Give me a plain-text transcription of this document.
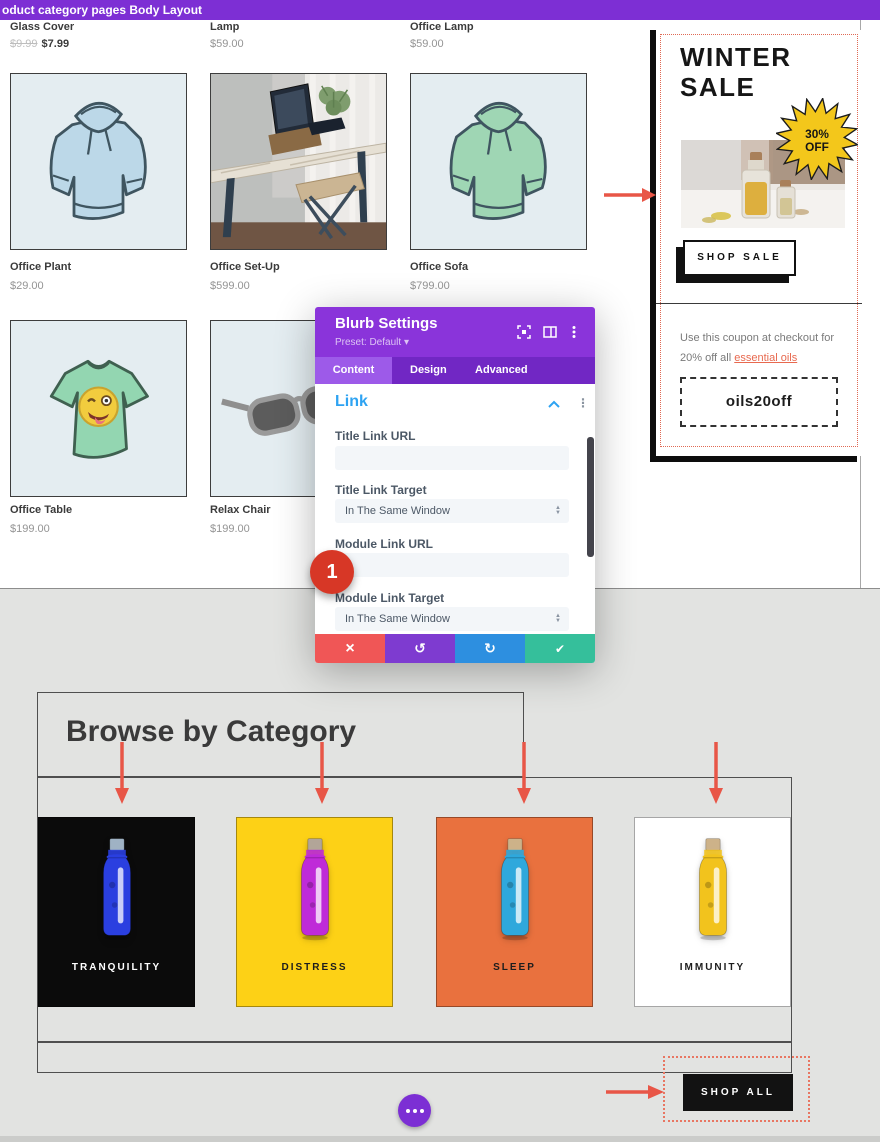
Glass Cover
$9.99 $7.99
Lamp
$59.00
Office Lamp
$59.00
Office Plant
$29.00
Office Set-Up
$599.00
Office Sofa
$799.00
Office Table
$199.00
Relax Chair
$199.00
WINTER
SALE
30%
OFF
SHOP SALE
Use this coupon at checkout for
20% off all essential oils
oils20off
Blurb Settings
Preset: Default ▾
Content	Design	Advanced
Link	⋮
Title Link URL
Title Link Target
In The Same Window	▲
▼
Module Link URL
Module Link Target
In The Same Window	▲
▼
×	↺	↻	✔
1
Browse by Category
TRANQUILITY	DISTRESS	SLEEP	IMMUNITY
SHOP ALL
oduct category pages Body Layout
